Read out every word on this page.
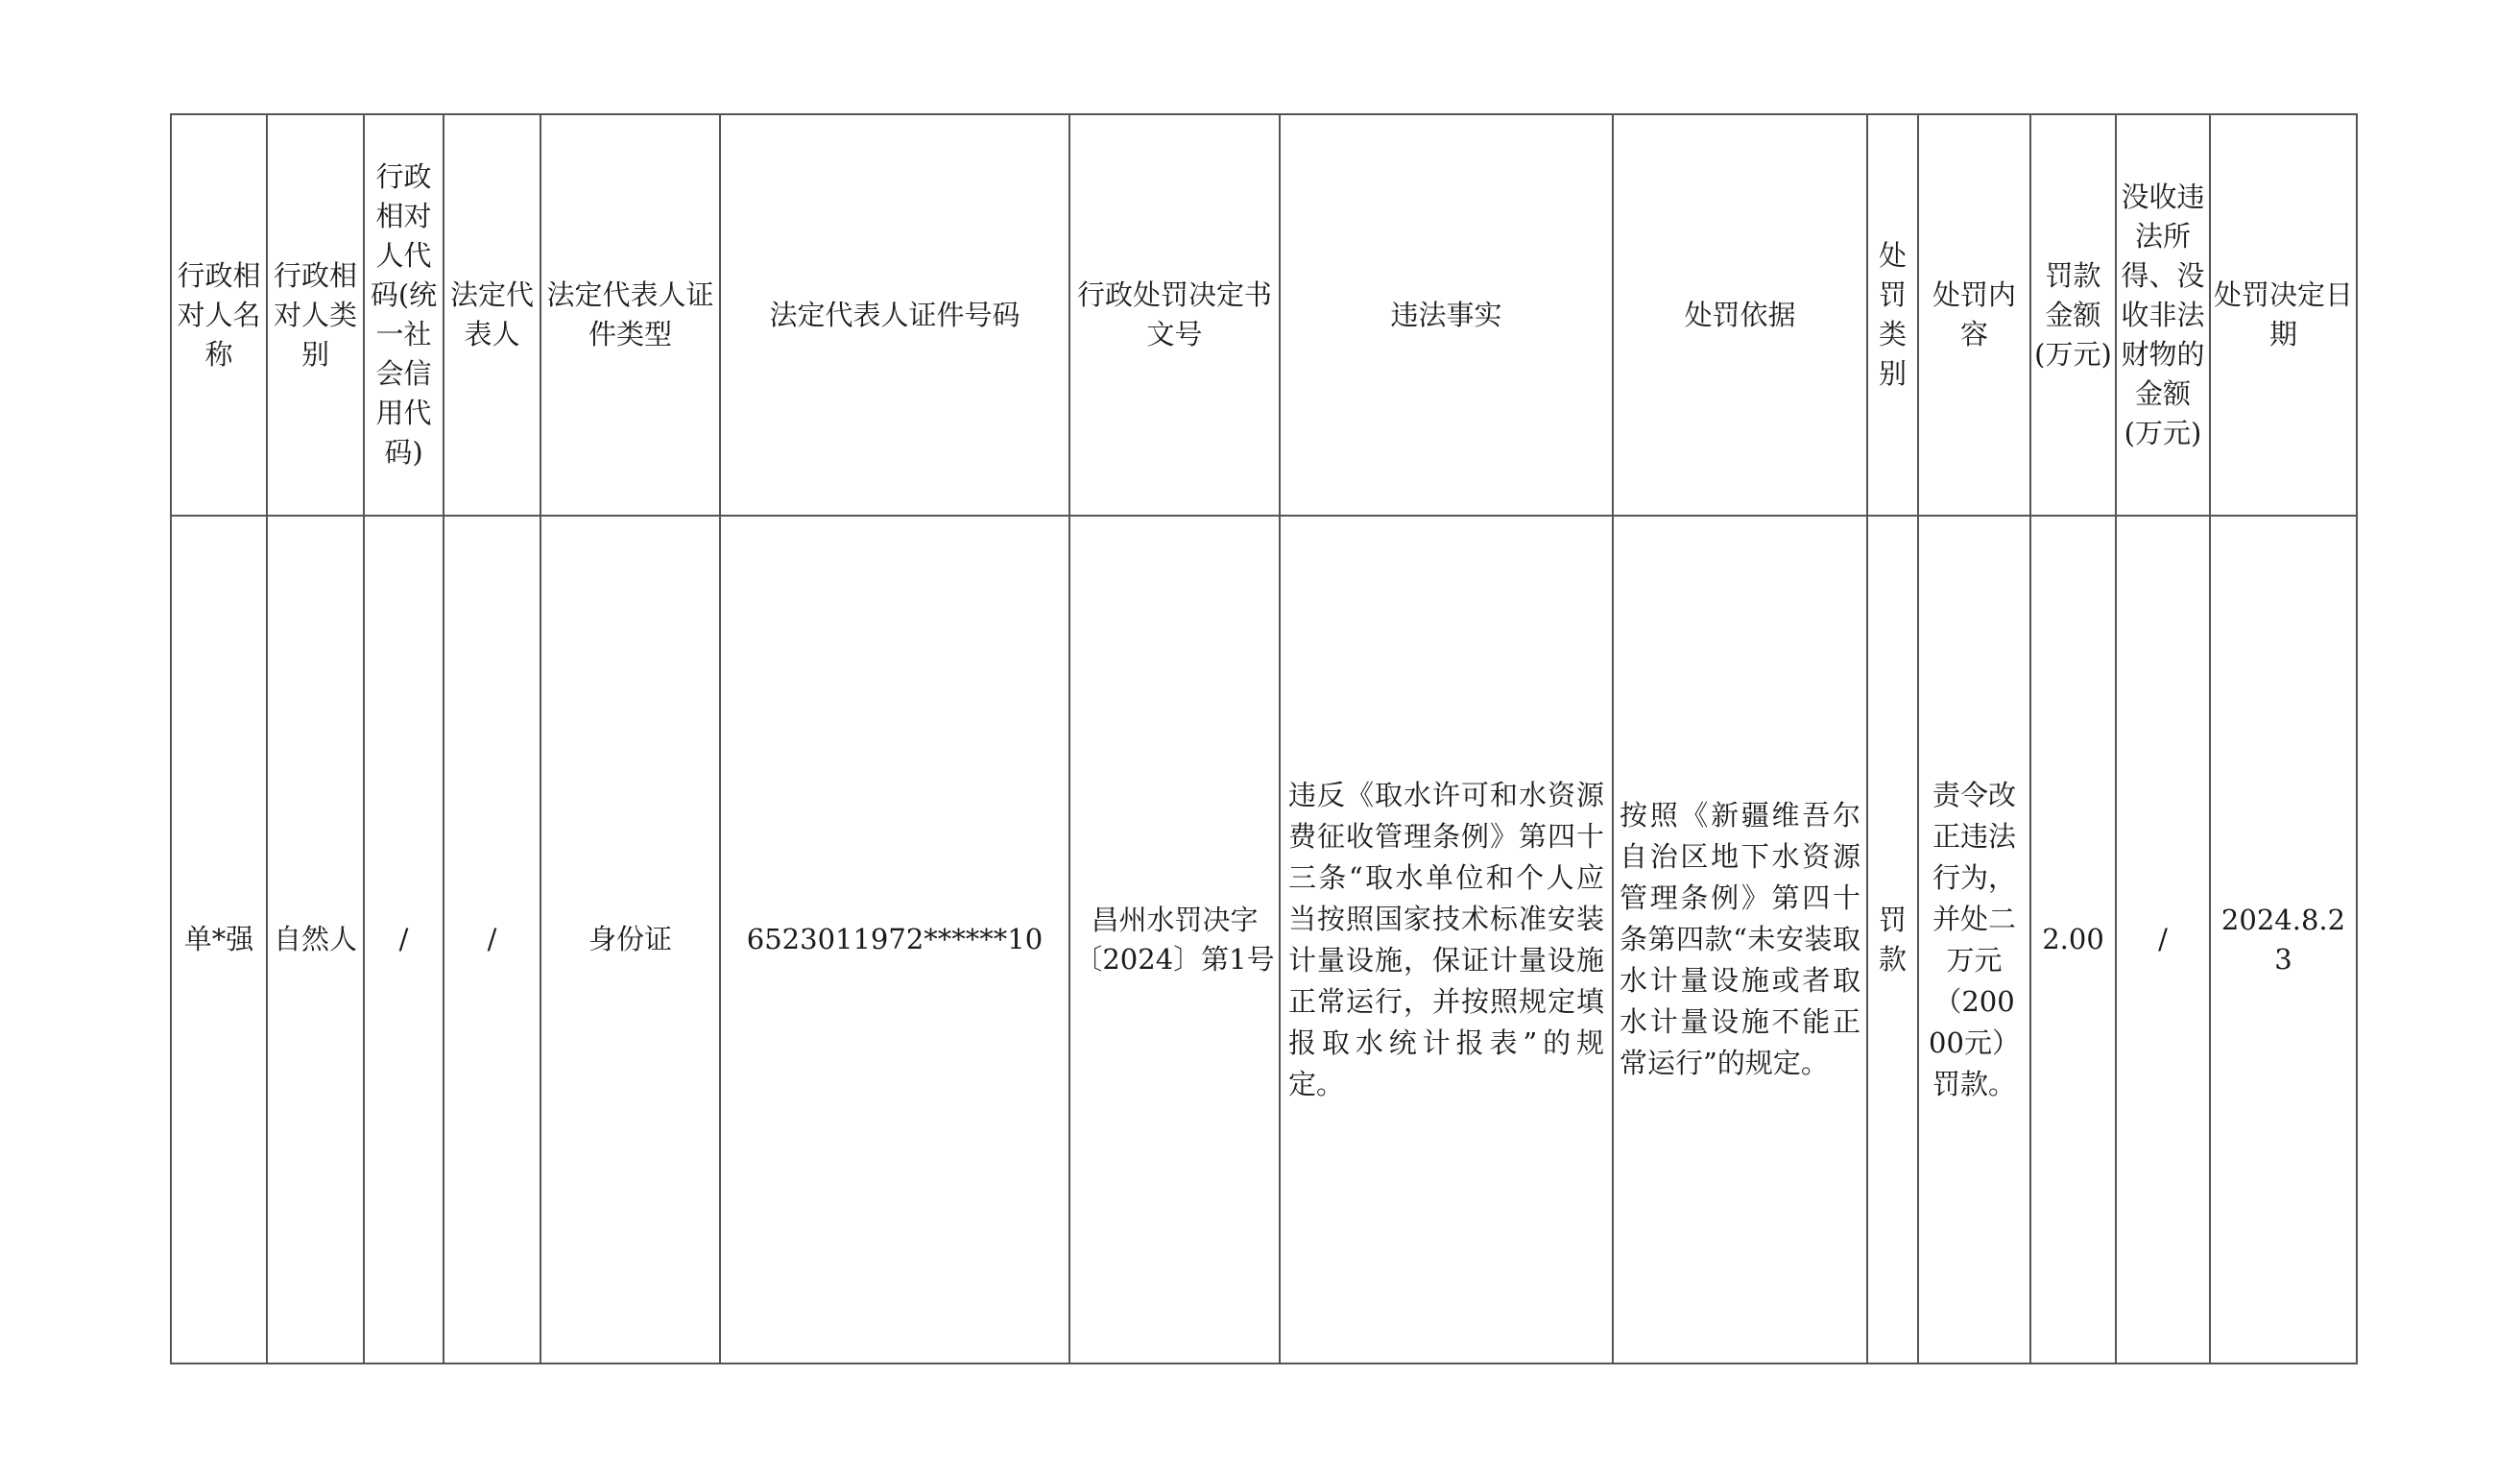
行政相对人名称	行政相对人类别	行政相对人代码(统一社会信用代码)	法定代表人	法定代表人证件类型	法定代表人证件号码	行政处罚决定书文号	违法事实	处罚依据	处罚类别	处罚内容	罚款金额(万元)	没收违法所得、没收非法财物的金额(万元)	处罚决定日期
单*强	自然人	/	/	身份证	6523011972******10	昌州水罚决字〔2024〕第1号	违反《取水许可和水资源费征收管理条例》第四十三条“取水单位和个人应当按照国家技术标准安装计量设施，保证计量设施正常运行，并按照规定填报取水统计报表”的规定。	按照《新疆维吾尔自治区地下水资源管理条例》第四十条第四款“未安装取水计量设施或者取水计量设施不能正常运行”的规定。	罚款	责令改正违法行为，并处二万元（20000元）罚款。	2.00	/	2024.8.23
